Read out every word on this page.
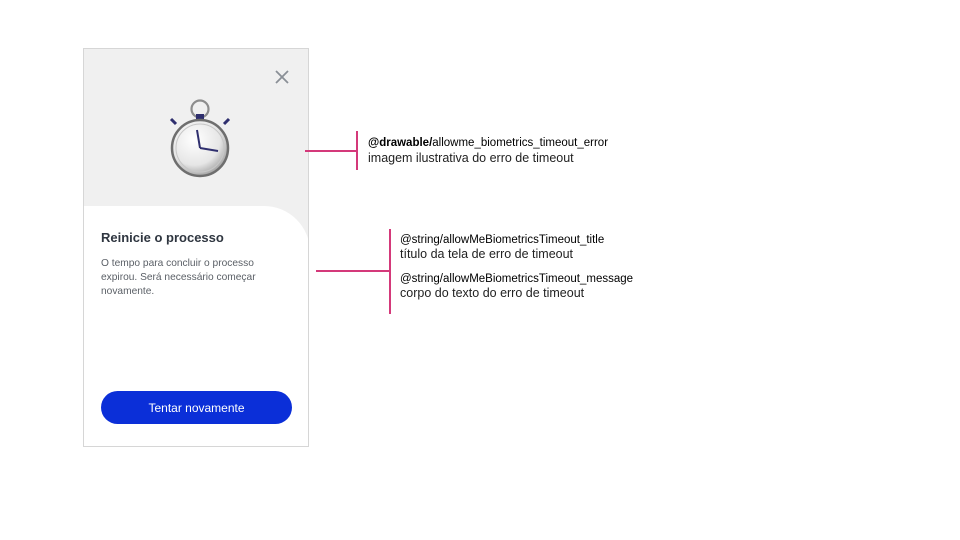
Reinicie o processo
O tempo para concluir o processo expirou. Será necessário começar novamente.
Tentar novamente
@drawable/allowme_biometrics_timeout_error
imagem ilustrativa do erro de timeout
@string/allowMeBiometricsTimeout_title
título da tela de erro de timeout
@string/allowMeBiometricsTimeout_message
corpo do texto do erro de timeout
